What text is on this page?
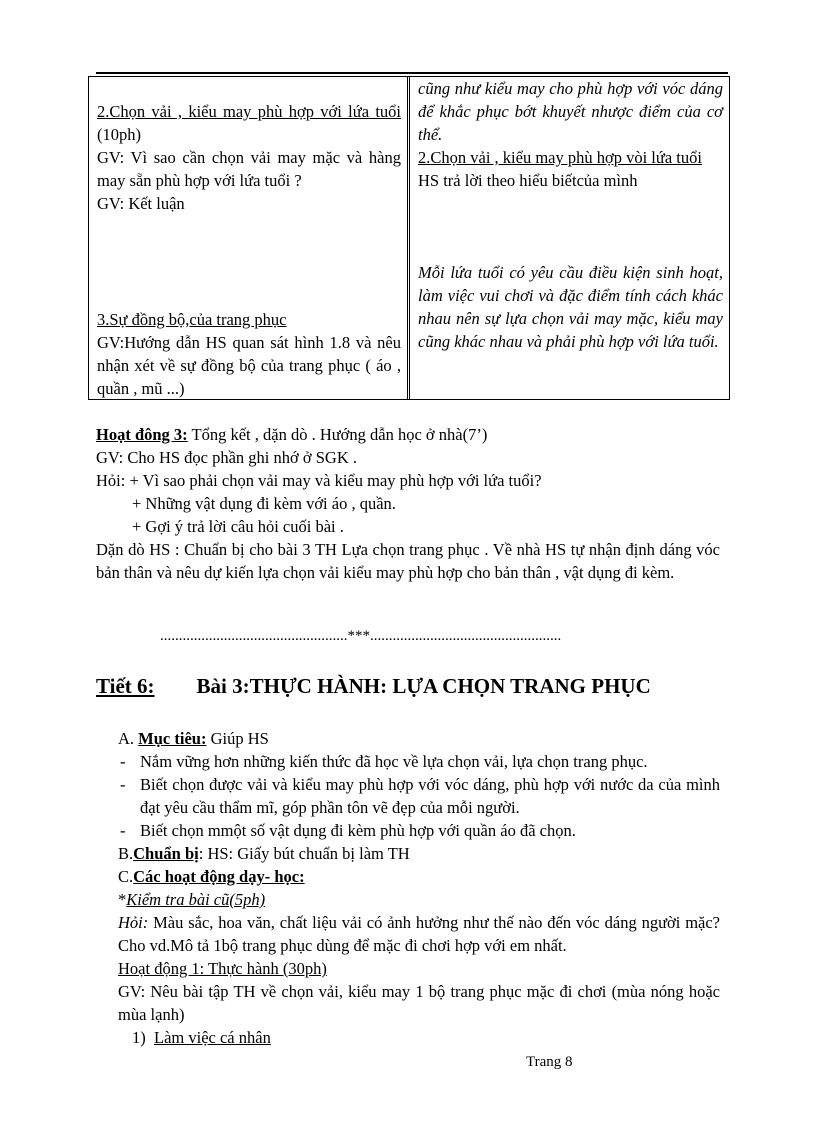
2.Chọn vải , kiểu may phù hợp với lứa tuổi (10ph)
GV: Vì sao cần chọn vải may mặc và hàng may sẵn phù hợp với lứa tuổi ?
GV: Kết luận
3.Sự đồng bộ,của trang phục
GV:Hướng dẫn HS quan sát hình 1.8 và nêu nhận xét về sự đồng bộ của trang phục ( áo , quần , mũ ...)
cũng như kiểu may cho phù hợp với vóc dáng để khắc phục bớt khuyết nhược điểm của cơ thể.
2.Chọn vải , kiểu may phù hợp vòi lứa tuổi
HS trả lời theo hiểu biếtcủa mình
Mỗi lứa tuổi có yêu cầu điều kiện sinh hoạt, làm việc vui chơi và đặc điểm tính cách khác nhau nên sự lựa chọn vải may mặc, kiểu may cũng khác nhau và phải phù hợp với lứa tuổi.
Hoạt đông 3: Tổng kết , dặn dò . Hướng dẫn học ở nhà(7’)
GV: Cho HS đọc phần ghi nhớ ở SGK .
Hỏi: + Vì sao phải chọn vải may và kiểu may phù hợp với lứa tuổi?
+ Những vật dụng đi kèm với áo , quần.
+ Gợi ý trả lời câu hỏi cuối bài .
Dặn dò HS : Chuẩn bị cho bài 3 TH Lựa chọn trang phục . Về nhà HS tự nhận định dáng vóc bản thân và nêu dự kiến lựa chọn vải kiểu may phù hợp cho bản thân , vật dụng đi kèm.
..................................................***...................................................
Tiết 6: Bài 3:THỰC HÀNH: LỰA CHỌN TRANG PHỤC
A. Mục tiêu: Giúp HS
- Nắm vững hơn những kiến thức đã học về lựa chọn vải, lựa chọn trang phục.
- Biết chọn được vải và kiểu may phù hợp với vóc dáng, phù hợp với nước da của mình đạt yêu cầu thẩm mĩ, góp phần tôn vẽ đẹp của mỗi người.
- Biết chọn mmột số vật dụng đi kèm phù hợp với quần áo đã chọn.
B.Chuẩn bị: HS: Giấy bút chuẩn bị làm TH
C.Các hoạt động dạy- học:
*Kiểm tra bài cũ(5ph)
Hỏi: Màu sắc, hoa văn, chất liệu vải có ảnh hưởng như thế nào đến vóc dáng người mặc?Cho vd.Mô tả 1bộ trang phục dùng để mặc đi chơi hợp với em nhất.
Hoạt động 1: Thực hành (30ph)
GV: Nêu bài tập TH về chọn vải, kiểu may 1 bộ trang phục mặc đi chơi (mùa nóng hoặc mùa lạnh)
1) Làm việc cá nhân
Trang 8
